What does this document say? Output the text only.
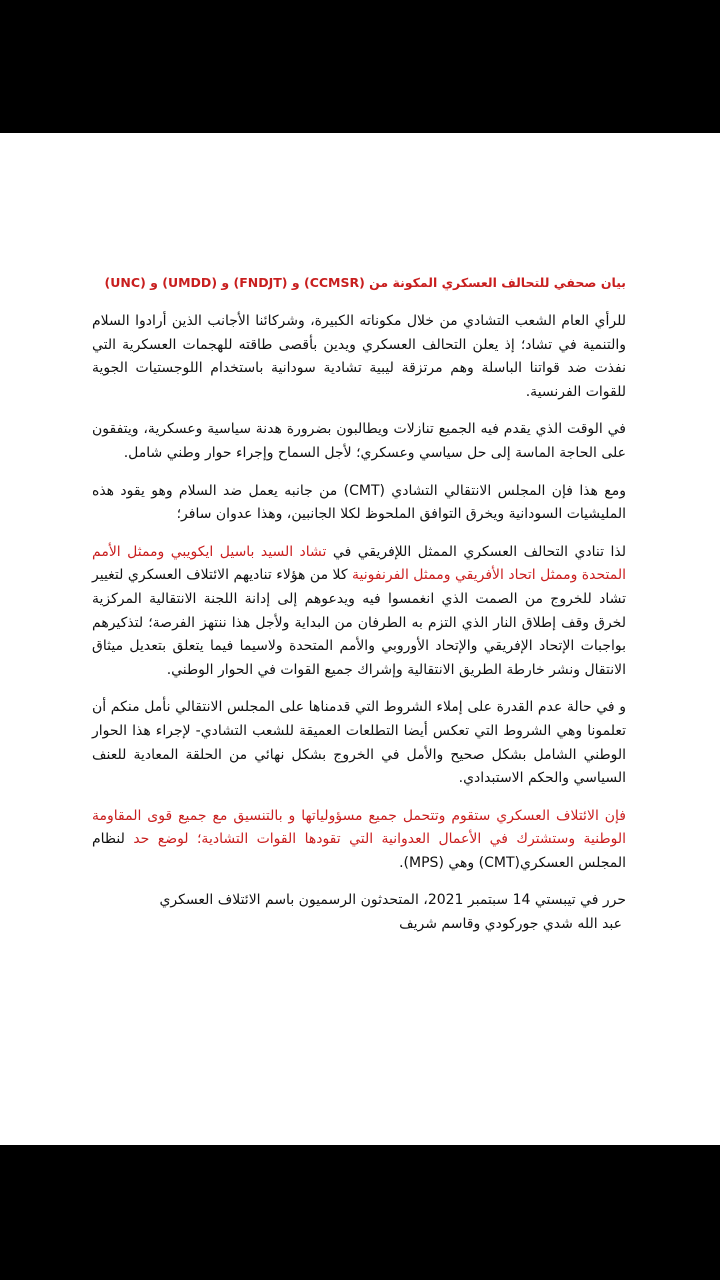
بيان صحفي للتحالف العسكري المكونة من (CCMSR) و (FNDJT) و (UMDD) و (UNC)

للرأي العام الشعب التشادي من خلال مكوناته الكبيرة، وشركائنا الأجانب الذين أرادوا السلام والتنمية في تشاد؛ إذ يعلن التحالف العسكري ويدين بأقصى طاقته للهجمات العسكرية التي نفذت ضد قواتنا الباسلة وهم مرتزقة ليبية تشادية سودانية باستخدام اللوجستيات الجوية للقوات الفرنسية.

في الوقت الذي يقدم فيه الجميع تنازلات ويطالبون بضرورة هدنة سياسية وعسكرية، ويتفقون على الحاجة الماسة إلى حل سياسي وعسكري؛ لأجل السماح وإجراء حوار وطني شامل.

ومع هذا فإن المجلس الانتقالي التشادي (CMT) من جانبه يعمل ضد السلام وهو يقود هذه المليشيات السودانية ويخرق التوافق الملحوظ لكلا الجانبين، وهذا عدوان سافر؛

لذا تنادي التحالف العسكري الممثل اللإفريقي في تشاد السيد باسيل ايكويبي وممثل الأمم المتحدة وممثل اتحاد الأفريقي وممثل الفرنفونية كلا من هؤلاء تناديهم الائتلاف العسكري لتغيير تشاد للخروج من الصمت الذي انغمسوا فيه ويدعوهم إلى إدانة اللجنة الانتقالية المركزية لخرق وقف إطلاق النار الذي التزم به الطرفان من البداية ولأجل هذا ننتهز الفرصة؛ لتذكيرهم بواجبات الإتحاد الإفريقي والإتحاد الأوروبي والأمم المتحدة ولاسيما فيما يتعلق بتعديل ميثاق الانتقال ونشر خارطة الطريق الانتقالية وإشراك جميع القوات في الحوار الوطني.

و في حالة عدم القدرة على إملاء الشروط التي قدمناها على المجلس الانتقالي نأمل منكم أن تعلمونا وهي الشروط التي تعكس أيضا التطلعات العميقة للشعب التشادي- لإجراء هذا الحوار الوطني الشامل بشكل صحيح والأمل في الخروج بشكل نهائي من الحلقة المعادية للعنف السياسي والحكم الاستبدادي.

فإن الائتلاف العسكري ستقوم وتتحمل جميع مسؤولياتها و بالتنسيق مع جميع قوى المقاومة الوطنية وستشترك في الأعمال العدوانية التي تقودها القوات التشادية؛ لوضع حد لنظام المجلس العسكري(CMT) وهي (MPS).

حرر في تيبستي 14 سبتمبر 2021، المتحدثون الرسميون باسم الائتلاف العسكري

عبد الله شدي جوركودي وقاسم شريف
